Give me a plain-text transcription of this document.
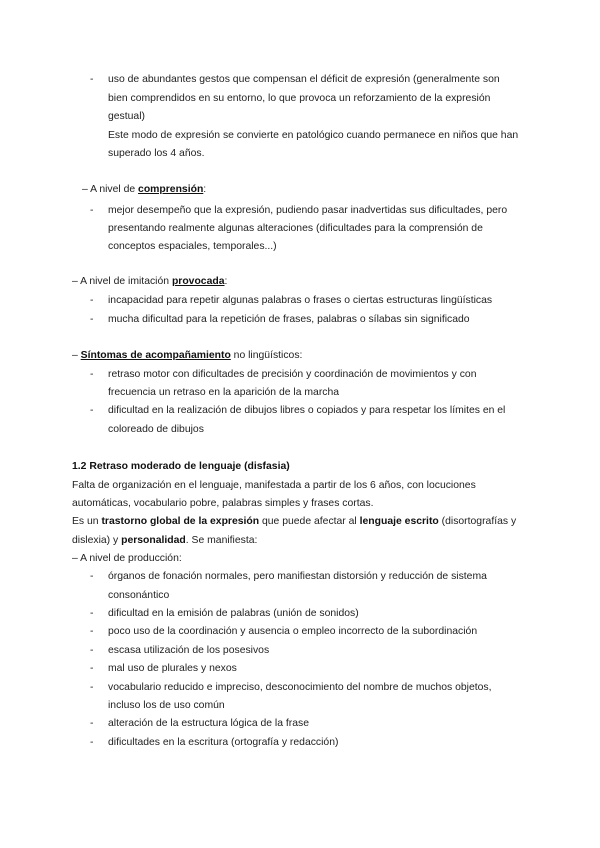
- uso de abundantes gestos que compensan el déficit de expresión (generalmente son
bien comprendidos en su entorno, lo que provoca un reforzamiento de la expresión
gestual)
Este modo de expresión se convierte en patológico cuando permanece en niños que han
superado los 4 años.
– A nivel de comprensión:
- mejor desempeño que la expresión, pudiendo pasar inadvertidas sus dificultades, pero
presentando realmente algunas alteraciones (dificultades para la comprensión de
conceptos espaciales, temporales...)
– A nivel de imitación provocada:
- incapacidad para repetir algunas palabras o frases o ciertas estructuras lingüísticas
- mucha dificultad para la repetición de frases, palabras o sílabas sin significado
– Síntomas de acompañamiento no lingüísticos:
- retraso motor con dificultades de precisión y coordinación de movimientos y con
frecuencia un retraso en la aparición de la marcha
- dificultad en la realización de dibujos libres o copiados y para respetar los límites en el
coloreado de dibujos
1.2 Retraso moderado de lenguaje (disfasia)
Falta de organización en el lenguaje, manifestada a partir de los 6 años, con locuciones
automáticas, vocabulario pobre, palabras simples y frases cortas.
Es un trastorno global de la expresión que puede afectar al lenguaje escrito (disortografías y
dislexia) y personalidad. Se manifiesta:
– A nivel de producción:
- órganos de fonación normales, pero manifiestan distorsión y reducción de sistema
consonántico
- dificultad en la emisión de palabras (unión de sonidos)
- poco uso de la coordinación y ausencia o empleo incorrecto de la subordinación
- escasa utilización de los posesivos
- mal uso de plurales y nexos
- vocabulario reducido e impreciso, desconocimiento del nombre de muchos objetos,
incluso los de uso común
- alteración de la estructura lógica de la frase
- dificultades en la escritura (ortografía y redacción)
